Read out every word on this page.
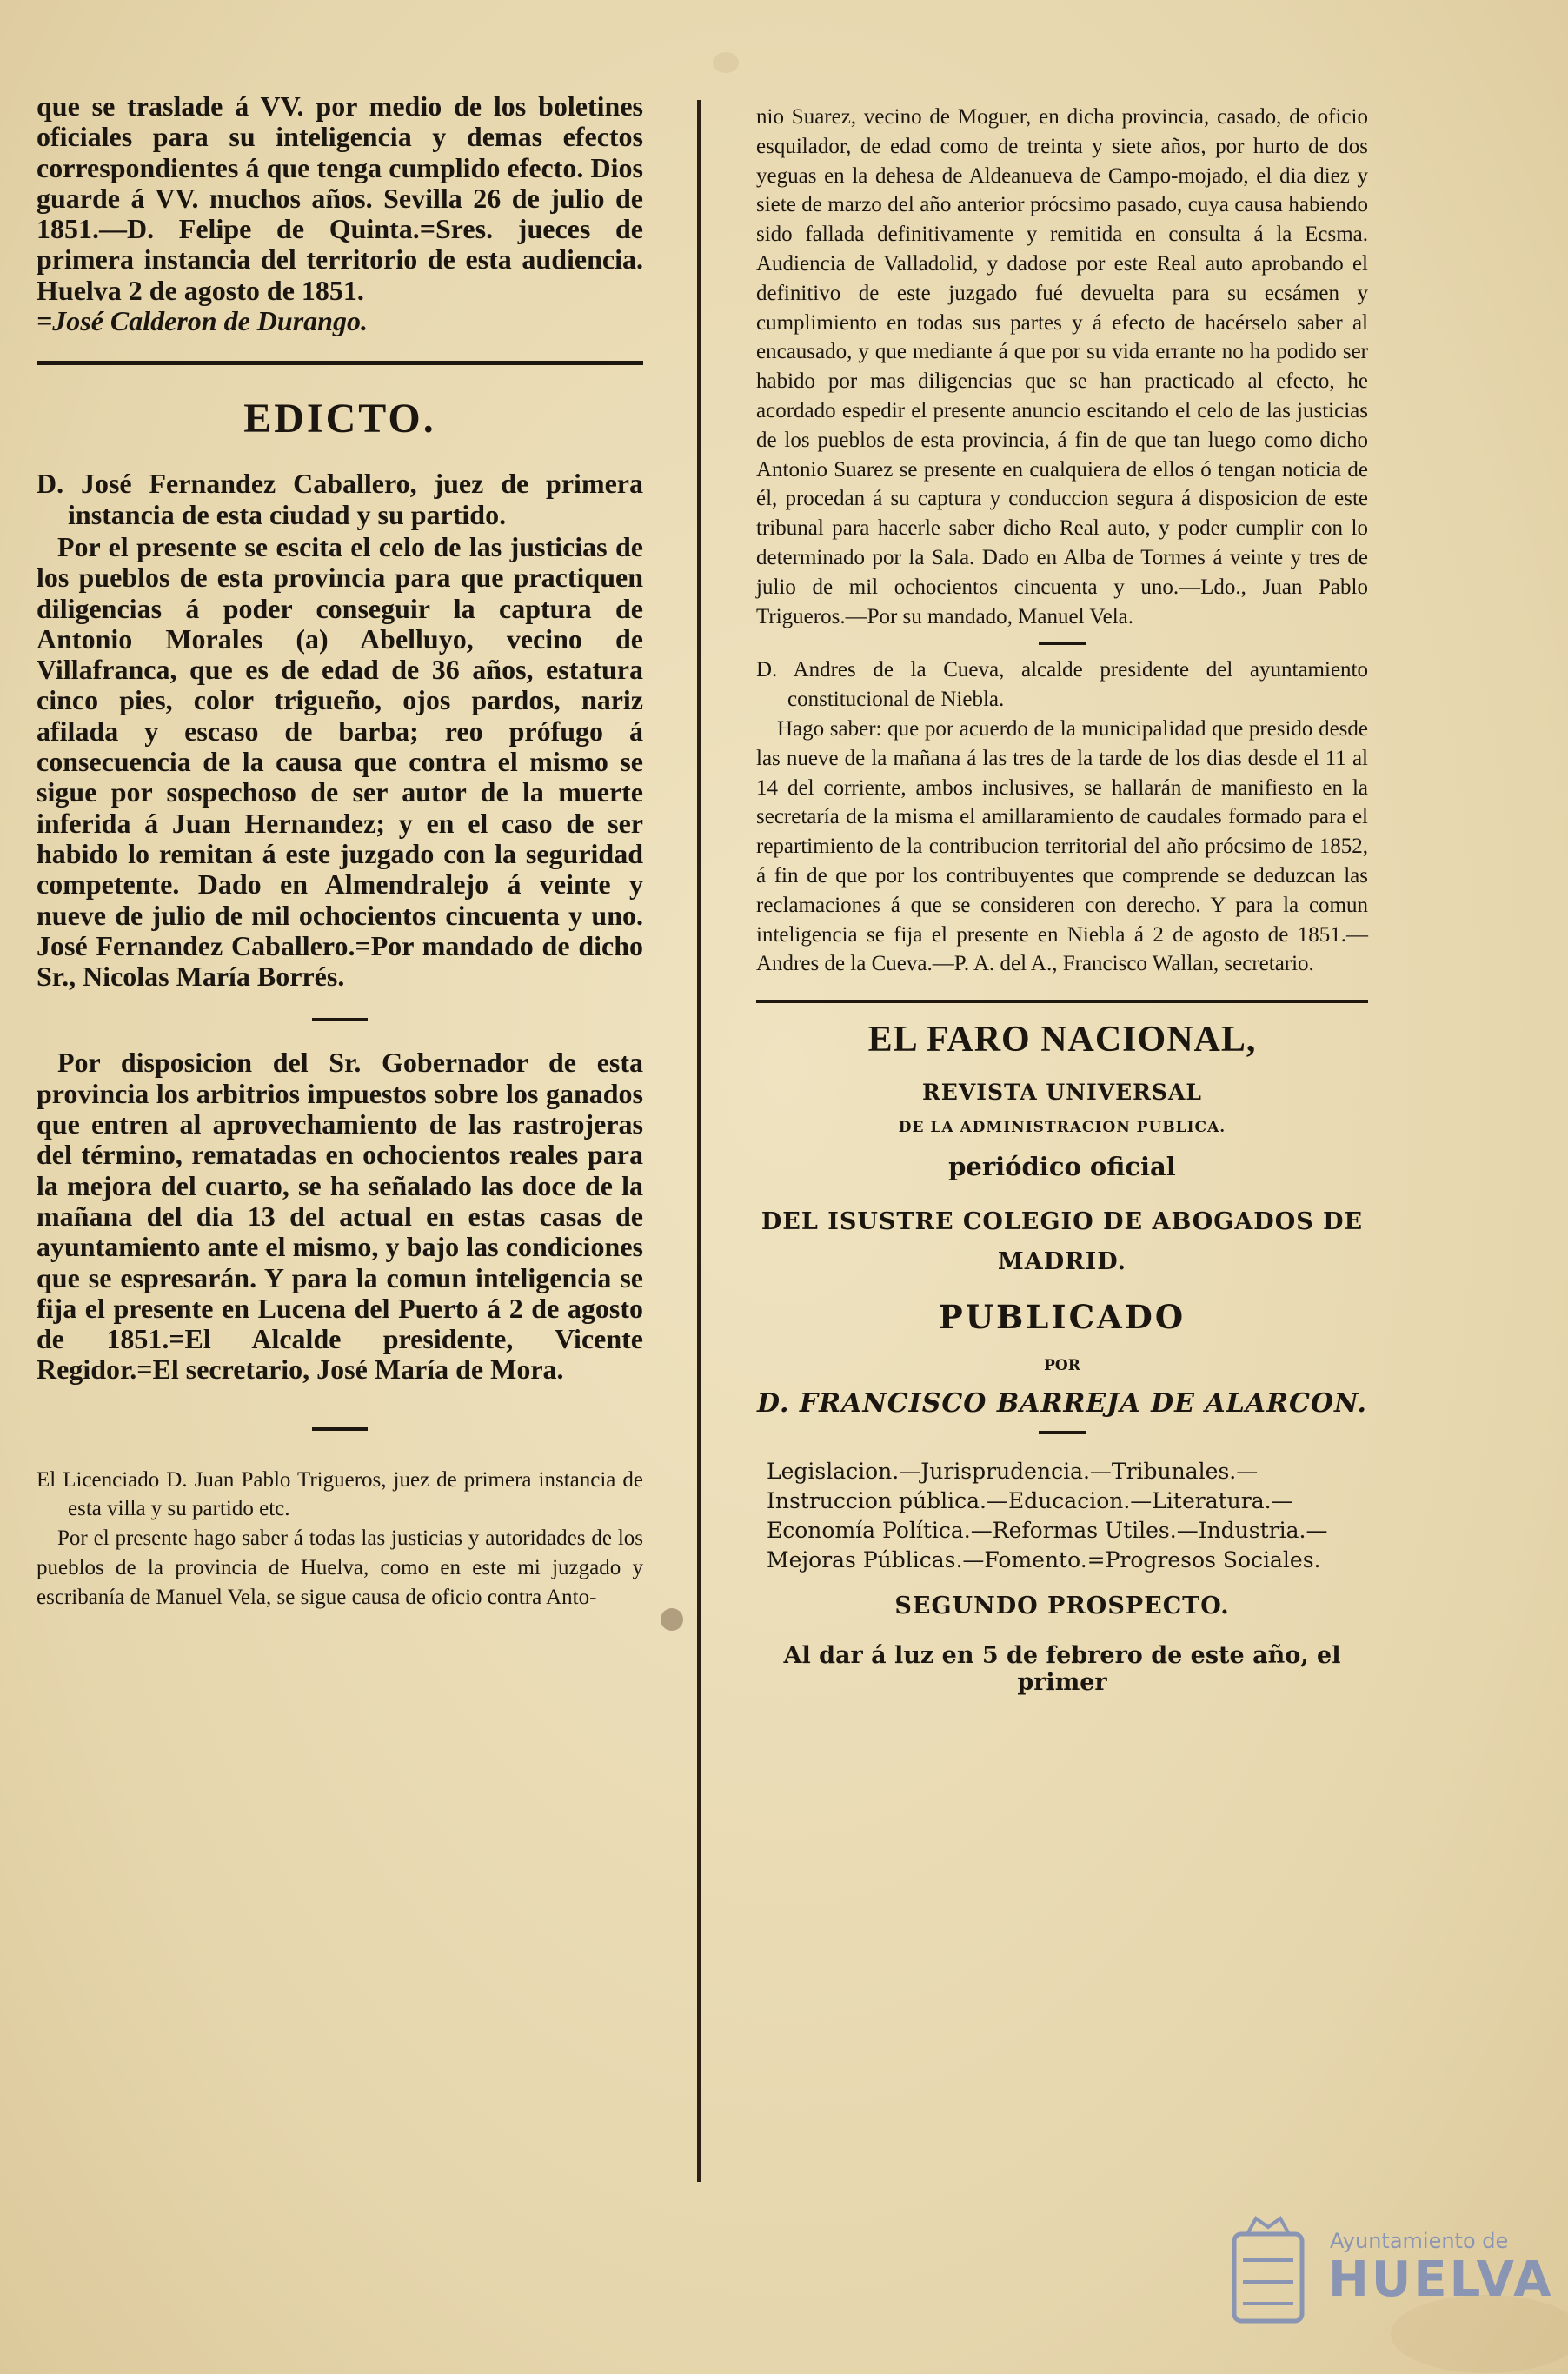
que se traslade á VV. por medio de los boletines oficiales para su inteligencia y demas efectos correspondientes á que tenga cumplido efecto. Dios guarde á VV. muchos años. Sevilla 26 de julio de 1851.—D. Felipe de Quinta.=Sres. jueces de primera instancia del territorio de esta audiencia. Huelva 2 de agosto de 1851.
=José Calderon de Durango.

EDICTO.

D. José Fernandez Caballero, juez de primera instancia de esta ciudad y su partido.

Por el presente se escita el celo de las justicias de los pueblos de esta provincia para que practiquen diligencias á poder conseguir la captura de Antonio Morales (a) Abelluyo, vecino de Villafranca, que es de edad de 36 años, estatura cinco pies, color trigueño, ojos pardos, nariz afilada y escaso de barba; reo prófugo á consecuencia de la causa que contra el mismo se sigue por sospechoso de ser autor de la muerte inferida á Juan Hernandez; y en el caso de ser habido lo remitan á este juzgado con la seguridad competente. Dado en Almendralejo á veinte y nueve de julio de mil ochocientos cincuenta y uno. José Fernandez Caballero.=Por mandado de dicho Sr., Nicolas María Borrés.

Por disposicion del Sr. Gobernador de esta provincia los arbitrios impuestos sobre los ganados que entren al aprovechamiento de las rastrojeras del término, rematadas en ochocientos reales para la mejora del cuarto, se ha señalado las doce de la mañana del dia 13 del actual en estas casas de ayuntamiento ante el mismo, y bajo las condiciones que se espresarán. Y para la comun inteligencia se fija el presente en Lucena del Puerto á 2 de agosto de 1851.=El Alcalde presidente, Vicente Regidor.=El secretario, José María de Mora.

El Licenciado D. Juan Pablo Trigueros, juez de primera instancia de esta villa y su partido etc.

Por el presente hago saber á todas las justicias y autoridades de los pueblos de la provincia de Huelva, como en este mi juzgado y escribanía de Manuel Vela, se sigue causa de oficio contra Anto-

nio Suarez, vecino de Moguer, en dicha provincia, casado, de oficio esquilador, de edad como de treinta y siete años, por hurto de dos yeguas en la dehesa de Aldeanueva de Campo-mojado, el dia diez y siete de marzo del año anterior prócsimo pasado, cuya causa habiendo sido fallada definitivamente y remitida en consulta á la Ecsma. Audiencia de Valladolid, y dadose por este Real auto aprobando el definitivo de este juzgado fué devuelta para su ecsámen y cumplimiento en todas sus partes y á efecto de hacérselo saber al encausado, y que mediante á que por su vida errante no ha podido ser habido por mas diligencias que se han practicado al efecto, he acordado espedir el presente anuncio escitando el celo de las justicias de los pueblos de esta provincia, á fin de que tan luego como dicho Antonio Suarez se presente en cualquiera de ellos ó tengan noticia de él, procedan á su captura y conduccion segura á disposicion de este tribunal para hacerle saber dicho Real auto, y poder cumplir con lo determinado por la Sala. Dado en Alba de Tormes á veinte y tres de julio de mil ochocientos cincuenta y uno.—Ldo., Juan Pablo Trigueros.—Por su mandado, Manuel Vela.

D. Andres de la Cueva, alcalde presidente del ayuntamiento constitucional de Niebla.

Hago saber: que por acuerdo de la municipalidad que presido desde las nueve de la mañana á las tres de la tarde de los dias desde el 11 al 14 del corriente, ambos inclusives, se hallarán de manifiesto en la secretaría de la misma el amillaramiento de caudales formado para el repartimiento de la contribucion territorial del año prócsimo de 1852, á fin de que por los contribuyentes que comprende se deduzcan las reclamaciones á que se consideren con derecho. Y para la comun inteligencia se fija el presente en Niebla á 2 de agosto de 1851.—Andres de la Cueva.—P. A. del A., Francisco Wallan, secretario.

EL FARO NACIONAL,
REVISTA UNIVERSAL
DE LA ADMINISTRACION PUBLICA.
periódico oficial
DEL ISUSTRE COLEGIO DE ABOGADOS DE MADRID.
PUBLICADO
POR
D. FRANCISCO BARREJA DE ALARCON.
Legislacion.—Jurisprudencia.—Tribunales.—Instruccion pública.—Educacion.—Literatura.—Economía Política.—Reformas Utiles.—Industria.—Mejoras Públicas.—Fomento.=Progresos Sociales.
SEGUNDO PROSPECTO.
Al dar á luz en 5 de febrero de este año, el primer
Ayuntamiento de
HUELVA
